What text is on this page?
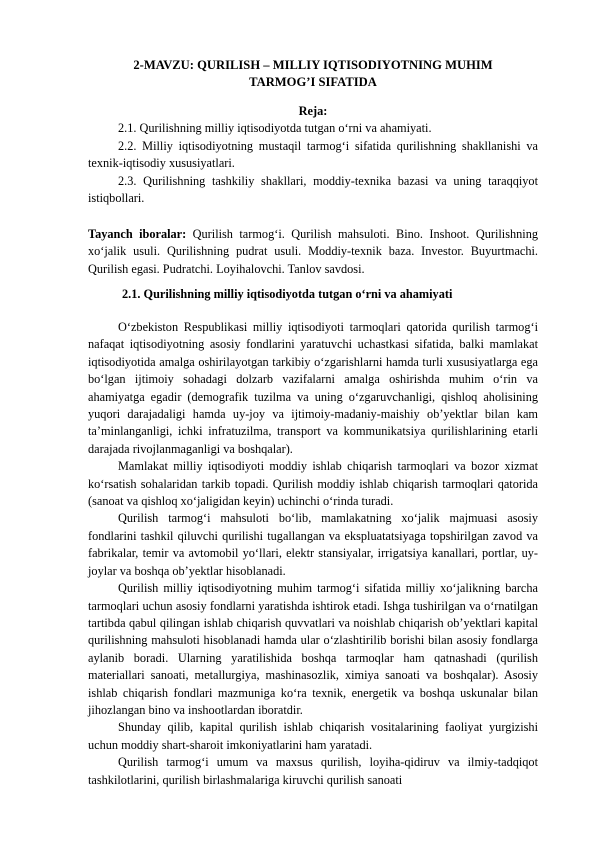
2-MAVZU: QURILISH – MILLIY IQTISODIYOTNING MUHIM
TARMOG’I SIFATIDA

Reja:

2.1. Qurilishning milliy iqtisodiyotda tutgan o‘rni va ahamiyati.

2.2. Milliy iqtisodiyotning mustaqil tarmog‘i sifatida qurilishning shakllanishi va texnik-iqtisodiy xususiyatlari.

2.3. Qurilishning tashkiliy shakllari, moddiy-texnika bazasi va uning taraqqiyot istiqbollari.

Tayanch iboralar: Qurilish tarmog‘i. Qurilish mahsuloti. Bino. Inshoot. Qurilishning xo‘jalik usuli. Qurilishning pudrat usuli. Moddiy-texnik baza. Investor. Buyurtmachi. Qurilish egasi. Pudratchi. Loyihalovchi. Tanlov savdosi.

2.1. Qurilishning milliy iqtisodiyotda tutgan o‘rni va ahamiyati

O‘zbekiston Respublikasi milliy iqtisodiyoti tarmoqlari qatorida qurilish tarmog‘i nafaqat iqtisodiyotning asosiy fondlarini yaratuvchi uchastkasi sifatida, balki mamlakat iqtisodiyotida amalga oshirilayotgan tarkibiy o‘zgarishlarni hamda turli xususiyatlarga ega bo‘lgan ijtimoiy sohadagi dolzarb vazifalarni amalga oshirishda muhim o‘rin va ahamiyatga egadir (demografik tuzilma va uning o‘zgaruvchanligi, qishloq aholisining yuqori darajadaligi hamda uy-joy va ijtimoiy-madaniy-maishiy ob’yektlar bilan kam ta’minlanganligi, ichki infratuzilma, transport va kommunikatsiya qurilishlarining etarli darajada rivojlanmaganligi va boshqalar).

Mamlakat milliy iqtisodiyoti moddiy ishlab chiqarish tarmoqlari va bozor xizmat ko‘rsatish sohalaridan tarkib topadi. Qurilish moddiy ishlab chiqarish tarmoqlari qatorida (sanoat va qishloq xo‘jaligidan keyin) uchinchi o‘rinda turadi.

Qurilish tarmog‘i mahsuloti bo‘lib, mamlakatning xo‘jalik majmuasi asosiy fondlarini tashkil qiluvchi qurilishi tugallangan va ekspluatatsiyaga topshirilgan zavod va fabrikalar, temir va avtomobil yo‘llari, elektr stansiyalar, irrigatsiya kanallari, portlar, uy-joylar va boshqa ob’yektlar hisoblanadi.

Qurilish milliy iqtisodiyotning muhim tarmog‘i sifatida milliy xo‘jalikning barcha tarmoqlari uchun asosiy fondlarni yaratishda ishtirok etadi. Ishga tushirilgan va o‘rnatilgan tartibda qabul qilingan ishlab chiqarish quvvatlari va noishlab chiqarish ob’yektlari kapital qurilishning mahsuloti hisoblanadi hamda ular o‘zlashtirilib borishi bilan asosiy fondlarga aylanib boradi. Ularning yaratilishida boshqa tarmoqlar ham qatnashadi (qurilish materiallari sanoati, metallurgiya, mashinasozlik, ximiya sanoati va boshqalar). Asosiy ishlab chiqarish fondlari mazmuniga ko‘ra texnik, energetik va boshqa uskunalar bilan jihozlangan bino va inshootlardan iboratdir.

Shunday qilib, kapital qurilish ishlab chiqarish vositalarining faoliyat yurgizishi uchun moddiy shart-sharoit imkoniyatlarini ham yaratadi.

Qurilish tarmog‘i umum va maxsus qurilish, loyiha-qidiruv va ilmiy-tadqiqot tashkilotlarini, qurilish birlashmalariga kiruvchi qurilish sanoati
